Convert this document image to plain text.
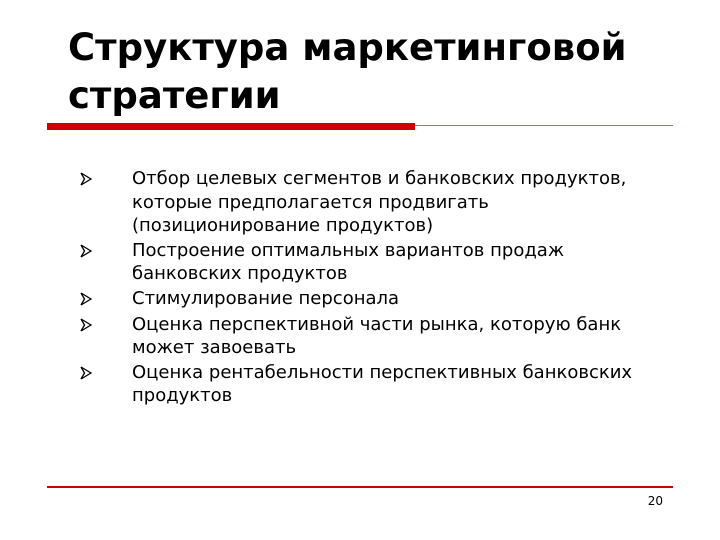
Структура маркетинговой стратегии
Отбор целевых сегментов и банковских продуктов, которые предполагается продвигать (позиционирование продуктов)
Построение оптимальных вариантов продаж банковских продуктов
Стимулирование персонала
Оценка перспективной части рынка, которую банк может завоевать
Оценка рентабельности перспективных банковских продуктов
20
